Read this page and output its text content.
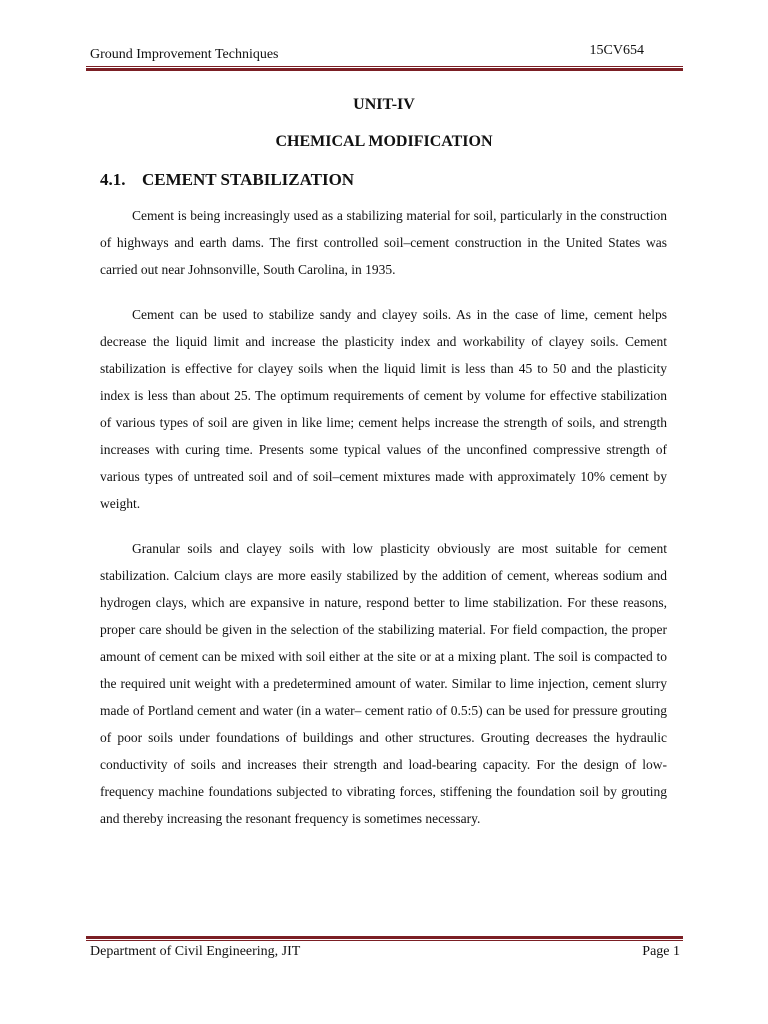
Ground Improvement Techniques	15CV654
UNIT-IV
CHEMICAL MODIFICATION
4.1. CEMENT STABILIZATION

Cement is being increasingly used as a stabilizing material for soil, particularly in the construction of highways and earth dams. The first controlled soil–cement construction in the United States was carried out near Johnsonville, South Carolina, in 1935.

Cement can be used to stabilize sandy and clayey soils. As in the case of lime, cement helps decrease the liquid limit and increase the plasticity index and workability of clayey soils. Cement stabilization is effective for clayey soils when the liquid limit is less than 45 to 50 and the plasticity index is less than about 25. The optimum requirements of cement by volume for effective stabilization of various types of soil are given in like lime; cement helps increase the strength of soils, and strength increases with curing time. Presents some typical values of the unconfined compressive strength of various types of untreated soil and of soil–cement mixtures made with approximately 10% cement by weight.

Granular soils and clayey soils with low plasticity obviously are most suitable for cement stabilization. Calcium clays are more easily stabilized by the addition of cement, whereas sodium and hydrogen clays, which are expansive in nature, respond better to lime stabilization. For these reasons, proper care should be given in the selection of the stabilizing material. For field compaction, the proper amount of cement can be mixed with soil either at the site or at a mixing plant. The soil is compacted to the required unit weight with a predetermined amount of water. Similar to lime injection, cement slurry made of Portland cement and water (in a water– cement ratio of 0.5:5) can be used for pressure grouting of poor soils under foundations of buildings and other structures. Grouting decreases the hydraulic conductivity of soils and increases their strength and load-bearing capacity. For the design of low-frequency machine foundations subjected to vibrating forces, stiffening the foundation soil by grouting and thereby increasing the resonant frequency is sometimes necessary.

Department of Civil Engineering, JIT	Page 1
